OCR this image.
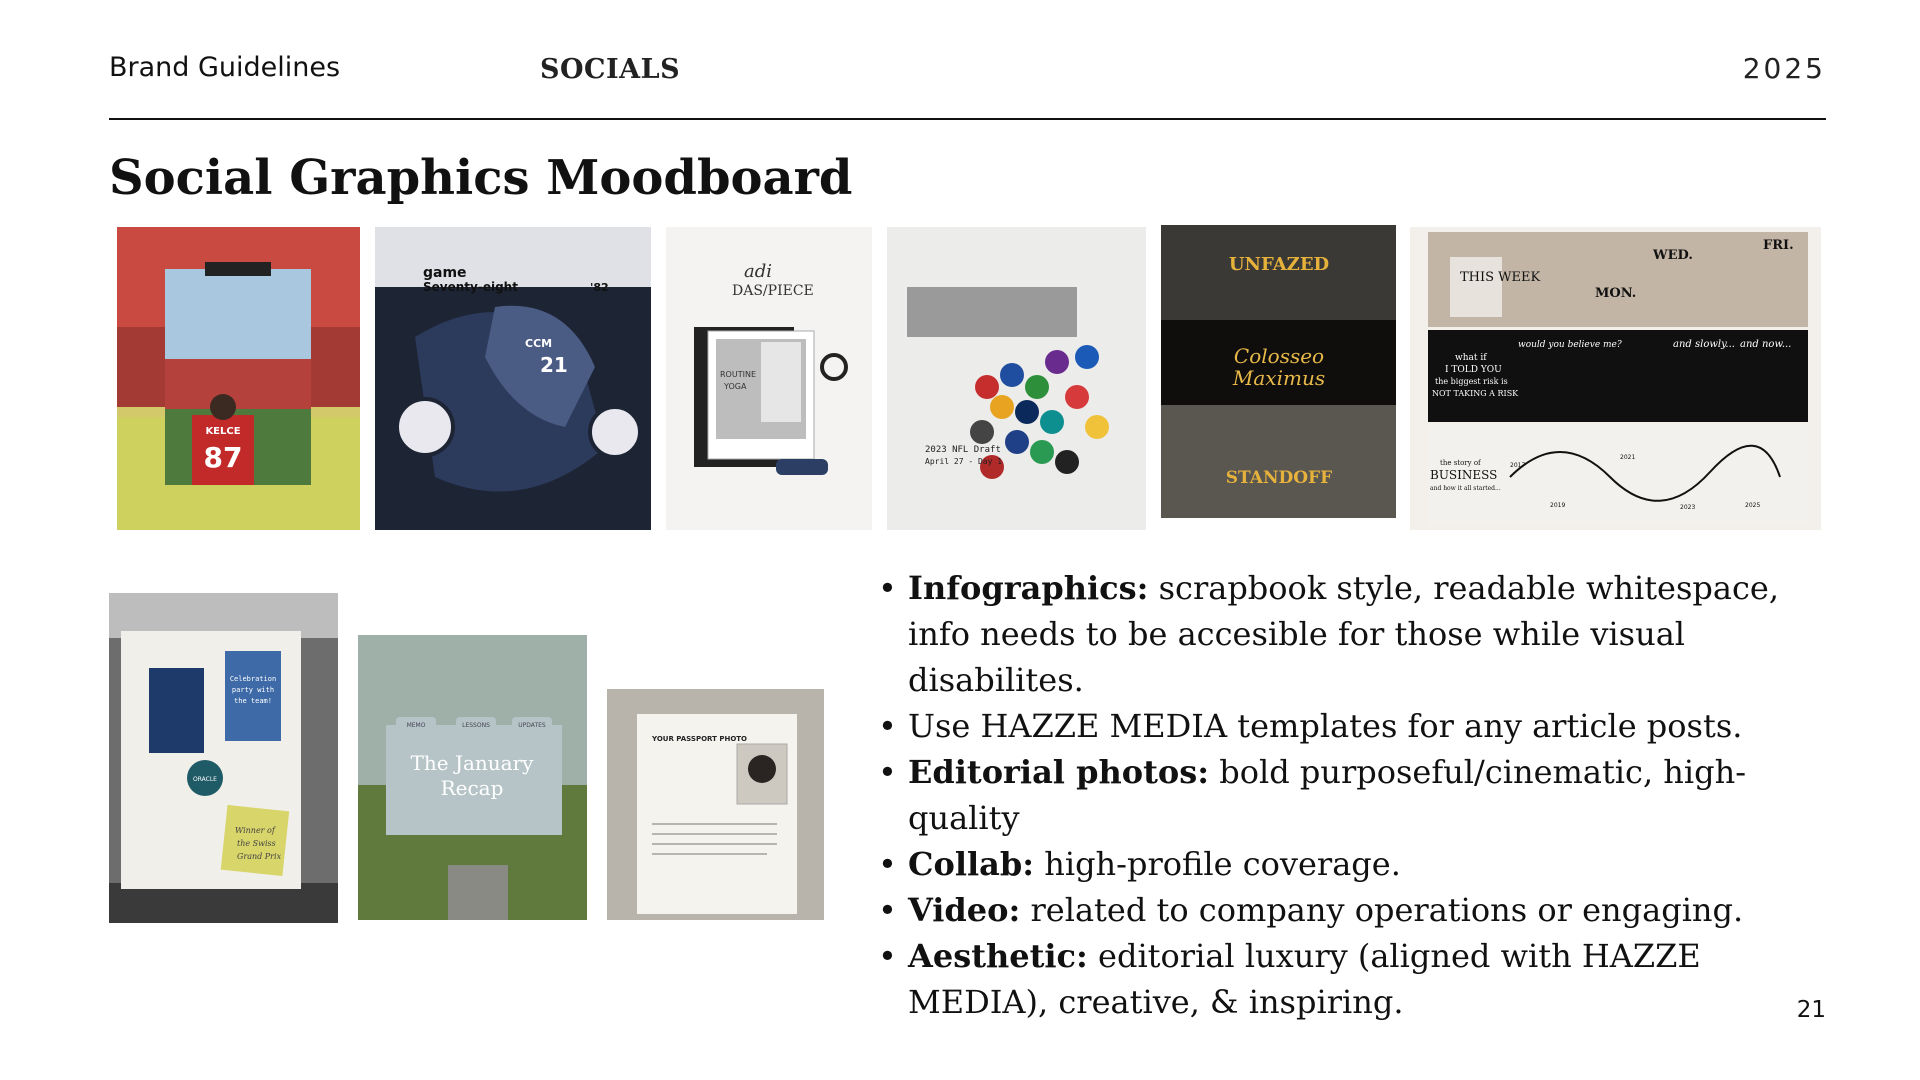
Brand Guidelines	SOCIALS	2025
Social Graphics Moodboard
KELCE
87
game
Seventy-eight	'82
21
CCM
adi
DAS/PIECE
ROUTINE
YOGA
2023 NFL Draft
April 27 - Day 1
UNFAZED
Colosseo
Maximus
STANDOFF
THIS WEEK
MON.
WED.
FRI.
what if
I TOLD YOU
the biggest risk is
NOT TAKING A RISK
would you believe me?	and slowly... and now...
the story of
BUSINESS
and how it all started...
2017
2019
2021
2023	2025
Celebration
party with
the team!
ORACLE
Winner of
the Swiss
Grand Prix
MEMO	LESSONS	UPDATES
The January
Recap
YOUR PASSPORT PHOTO
• Infographics: scrapbook style, readable whitespace, info needs to be accesible for those while visual disabilites.
• Use HAZZE MEDIA templates for any article posts.
• Editorial photos: bold purposeful/cinematic, high-quality
• Collab: high-profile coverage.
• Video: related to company operations or engaging.
• Aesthetic: editorial luxury (aligned with HAZZE MEDIA), creative, & inspiring.	21
